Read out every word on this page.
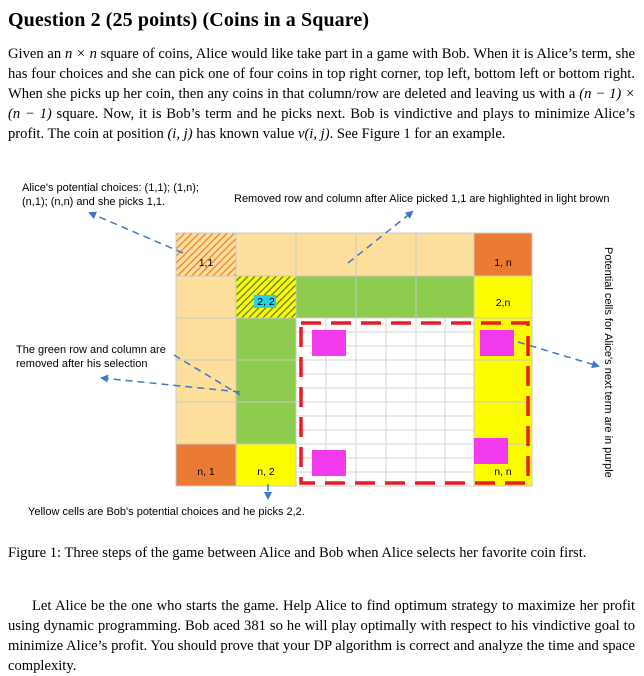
Question 2 (25 points) (Coins in a Square)

Given an n × n square of coins, Alice would like take part in a game with Bob. When it is Alice’s term, she has four choices and she can pick one of four coins in top right corner, top left, bottom left or bottom right. When she picks up her coin, then any coins in that column/row are deleted and leaving us with a (n − 1) × (n − 1) square. Now, it is Bob’s term and he picks next. Bob is vindictive and plays to minimize Alice’s profit. The coin at position (i, j) has known value v(i, j). See Figure 1 for an example.

Alice's potential choices: (1,1); (1,n); (n,1); (n,n) and she picks 1,1.	Removed row and column after Alice picked 1,1 are highlighted in light brown
The green row and column are removed after his selection
Yellow cells are Bob's potential choices and he picks 2,2.
Potential cells for Alice's next term are in purple
1,1	1, n
2, 2	2,n
n, 1	n, 2	n, n
Figure 1: Three steps of the game between Alice and Bob when Alice selects her favorite coin first.
Let Alice be the one who starts the game. Help Alice to find optimum strategy to maximize her profit using dynamic programming. Bob aced 381 so he will play optimally with respect to his vindictive goal to minimize Alice’s profit. You should prove that your DP algorithm is correct and analyze the time and space complexity.
